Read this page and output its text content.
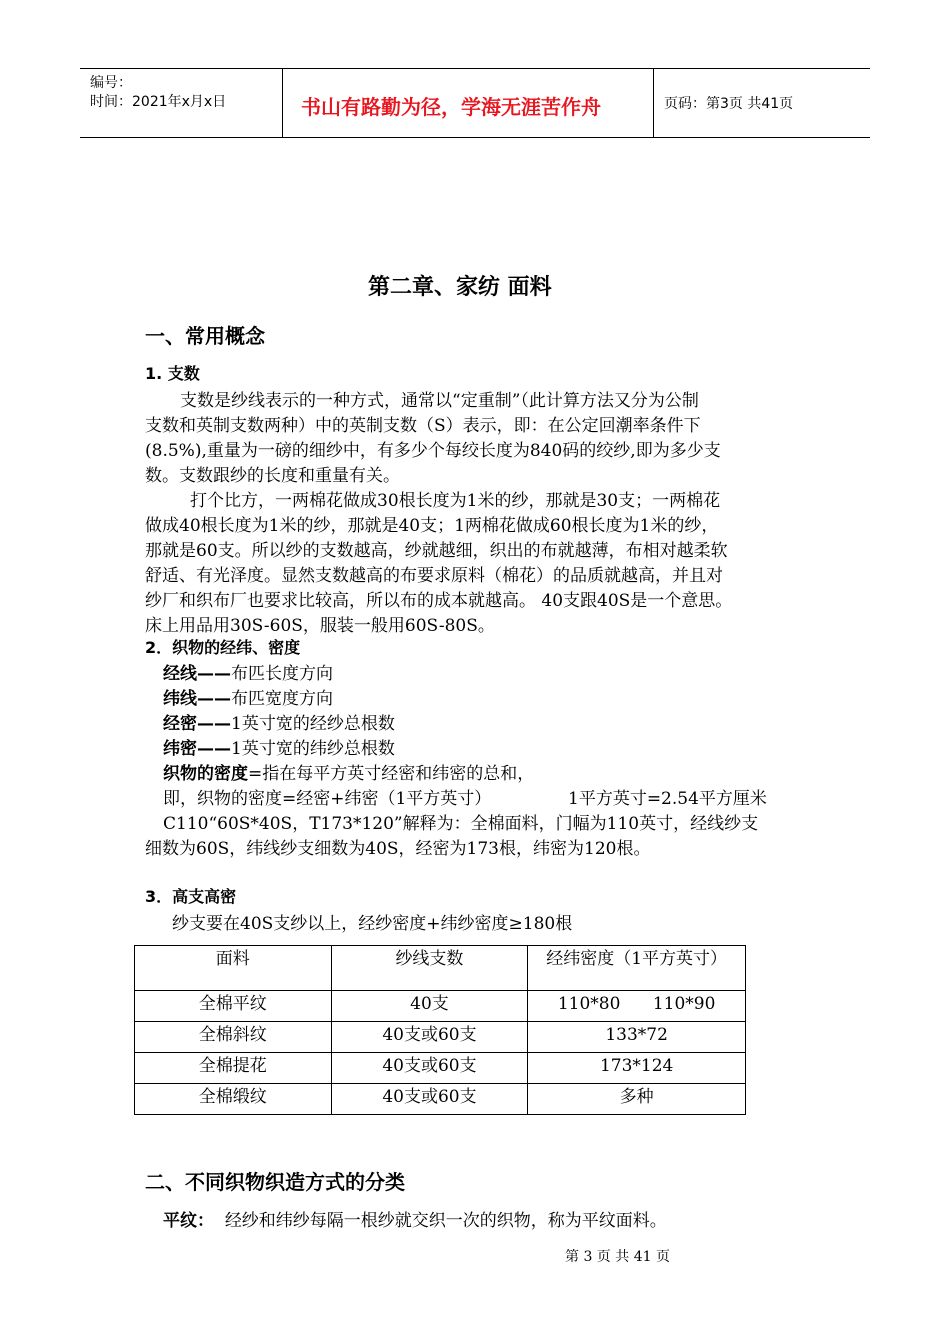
编号：
时间：2021年x月x日	书山有路勤为径，学海无涯苦作舟	页码：第3页 共41页
第二章、家纺 面料
一、常用概念
1. 支数
支数是纱线表示的一种方式，通常以“定重制”（此计算方法又分为公制
支数和英制支数两种）中的英制支数（S）表示，即：在公定回潮率条件下
(8.5%),重量为一磅的细纱中，有多少个每绞长度为840码的绞纱,即为多少支
数。支数跟纱的长度和重量有关。
打个比方，一两棉花做成30根长度为1米的纱，那就是30支；一两棉花
做成40根长度为1米的纱，那就是40支；1两棉花做成60根长度为1米的纱，
那就是60支。所以纱的支数越高，纱就越细，织出的布就越薄，布相对越柔软
舒适、有光泽度。显然支数越高的布要求原料（棉花）的品质就越高，并且对
纱厂和织布厂也要求比较高，所以布的成本就越高。 40支跟40S是一个意思。
床上用品用30S-60S，服装一般用60S-80S。
2．织物的经纬、密度
经线——布匹长度方向
纬线——布匹宽度方向
经密——1英寸宽的经纱总根数
纬密——1英寸宽的纬纱总根数
织物的密度=指在每平方英寸经密和纬密的总和，
即，织物的密度=经密+纬密（1平方英寸）	1平方英寸=2.54平方厘米
C110“60S*40S，T173*120”解释为：全棉面料，门幅为110英寸，经线纱支
细数为60S，纬线纱支细数为40S，经密为173根，纬密为120根。
3．高支高密
纱支要在40S支纱以上，经纱密度+纬纱密度≥180根
面料	纱线支数	经纬密度（1平方英寸）
全棉平纹	40支	110*80      110*90
全棉斜纹	40支或60支	133*72
全棉提花	40支或60支	173*124
全棉缎纹	40支或60支	多种
二、不同织物织造方式的分类
平纹： 经纱和纬纱每隔一根纱就交织一次的织物，称为平纹面料。
第 3 页 共 41 页
